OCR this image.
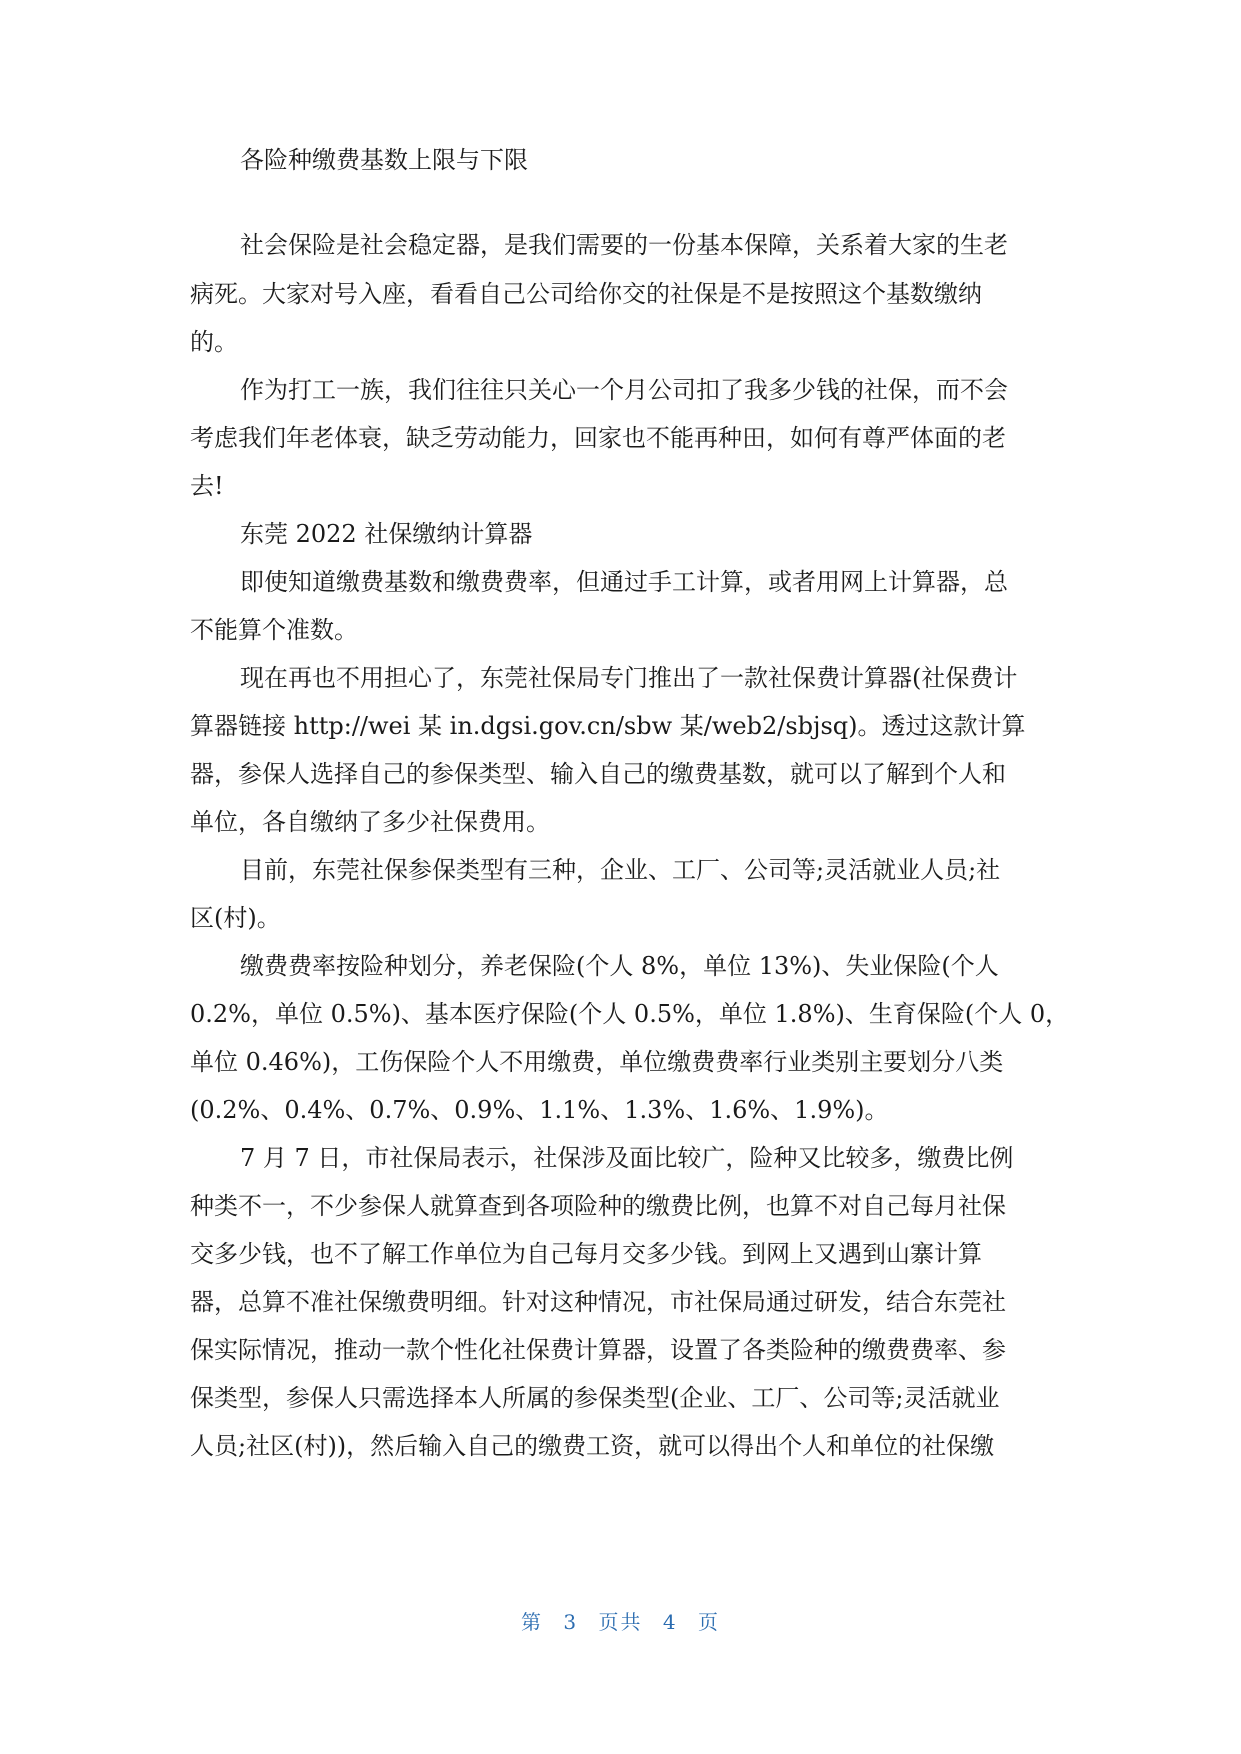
各险种缴费基数上限与下限
社会保险是社会稳定器，是我们需要的一份基本保障，关系着大家的生老
病死。大家对号入座，看看自己公司给你交的社保是不是按照这个基数缴纳
的。
作为打工一族，我们往往只关心一个月公司扣了我多少钱的社保，而不会
考虑我们年老体衰，缺乏劳动能力，回家也不能再种田，如何有尊严体面的老
去!
东莞 2022 社保缴纳计算器
即使知道缴费基数和缴费费率，但通过手工计算，或者用网上计算器，总
不能算个准数。
现在再也不用担心了，东莞社保局专门推出了一款社保费计算器(社保费计
算器链接 http://wei 某 in.dgsi.gov.cn/sbw 某/web2/sbjsq)。透过这款计算
器，参保人选择自己的参保类型、输入自己的缴费基数，就可以了解到个人和
单位，各自缴纳了多少社保费用。
目前，东莞社保参保类型有三种，企业、工厂、公司等;灵活就业人员;社
区(村)。
缴费费率按险种划分，养老保险(个人 8%，单位 13%)、失业保险(个人
0.2%，单位 0.5%)、基本医疗保险(个人 0.5%，单位 1.8%)、生育保险(个人 0，
单位 0.46%)，工伤保险个人不用缴费，单位缴费费率行业类别主要划分八类
(0.2%、0.4%、0.7%、0.9%、1.1%、1.3%、1.6%、1.9%)。
7 月 7 日，市社保局表示，社保涉及面比较广，险种又比较多，缴费比例
种类不一，不少参保人就算查到各项险种的缴费比例，也算不对自己每月社保
交多少钱，也不了解工作单位为自己每月交多少钱。到网上又遇到山寨计算
器，总算不准社保缴费明细。针对这种情况，市社保局通过研发，结合东莞社
保实际情况，推动一款个性化社保费计算器，设置了各类险种的缴费费率、参
保类型，参保人只需选择本人所属的参保类型(企业、工厂、公司等;灵活就业
人员;社区(村))，然后输入自己的缴费工资，就可以得出个人和单位的社保缴
第 3 页共 4 页
